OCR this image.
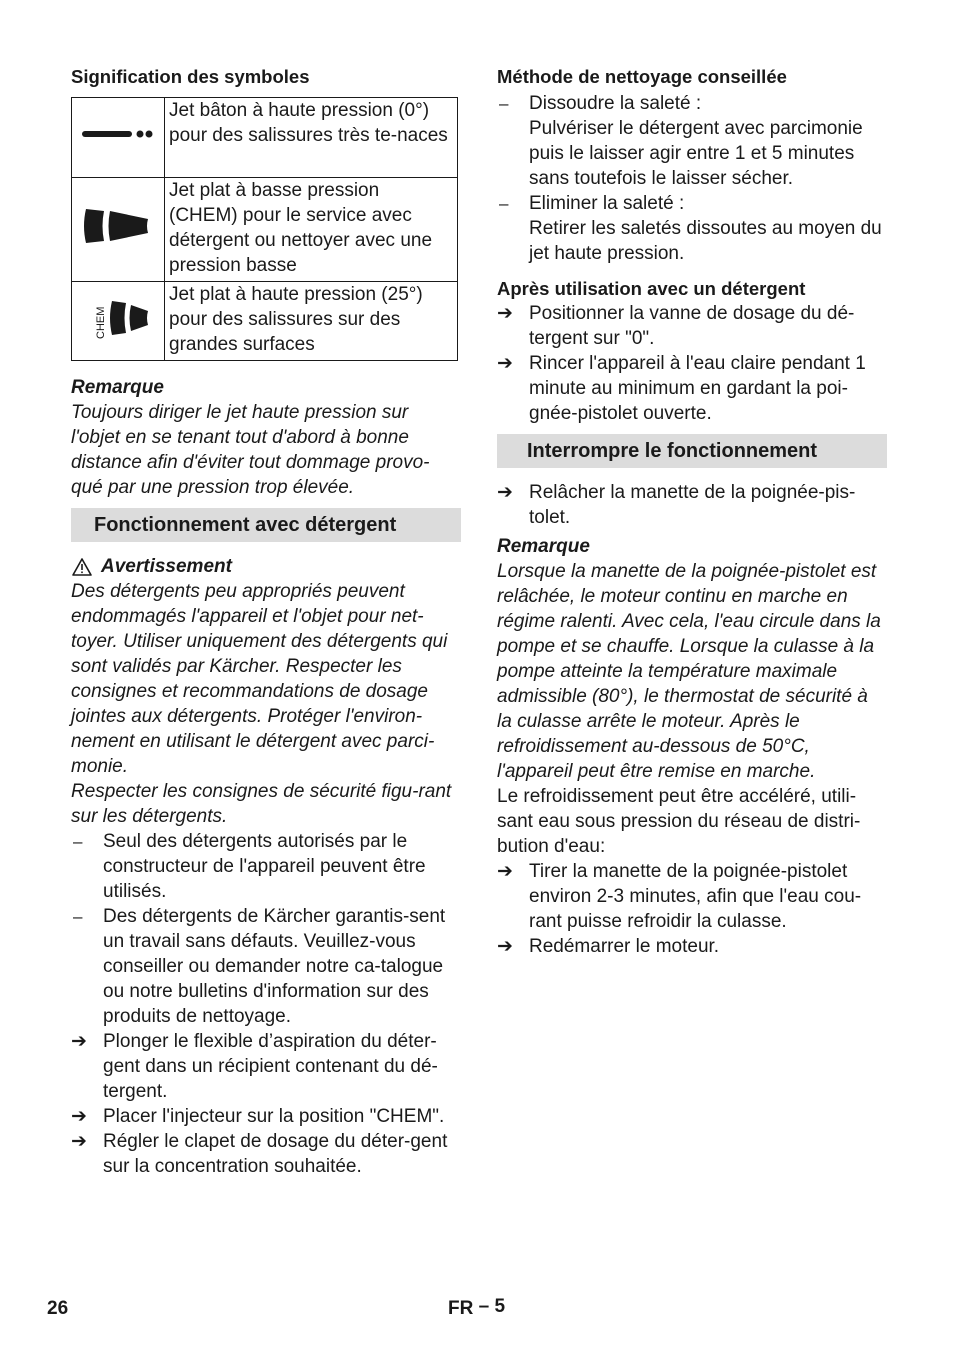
Signification des symboles
	Jet bâton à haute pression (0°) pour des salissures très te-naces
	Jet plat à basse pression (CHEM) pour le service avec détergent ou nettoyer avec une pression basse

CHEM	Jet plat à haute pression (25°) pour des salissures sur des grandes surfaces

Remarque

Toujours diriger le jet haute pression sur l'objet en se tenant tout d'abord à bonne distance afin d'éviter tout dommage provo-qué par une pression trop élevée.

Fonctionnement avec détergent
Avertissement

Des détergents peu appropriés peuvent endommagés l'appareil et l'objet pour net-toyer. Utiliser uniquement des détergents qui sont validés par Kärcher. Respecter les consignes et recommandations de dosage jointes aux détergents. Protéger l'environ-nement en utilisant le détergent avec parci-monie.

Respecter les consignes de sécurité figu-rant sur les détergents.

–	Seul des détergents autorisés par le constructeur de l'appareil peuvent être utilisés.
–	Des détergents de Kärcher garantis-sent un travail sans défauts. Veuillez-vous conseiller ou demander notre ca-talogue ou notre bulletins d'information sur des produits de nettoyage.
➔ Plonger le flexible d’aspiration du déter-gent dans un récipient contenant du dé-tergent.
➔ Placer l'injecteur sur la position "CHEM".
➔ Régler le clapet de dosage du déter-gent sur la concentration souhaitée.
Méthode de nettoyage conseillée
–	Dissoudre la saleté :
Pulvériser le détergent avec parcimonie puis le laisser agir entre 1 et 5 minutes sans toutefois le laisser sécher.
–	Eliminer la saleté :
Retirer les saletés dissoutes au moyen du jet haute pression.
Après utilisation avec un détergent
➔ Positionner la vanne de dosage du dé-tergent sur "0".
➔ Rincer l'appareil à l'eau claire pendant 1 minute au minimum en gardant la poi-gnée-pistolet ouverte.
Interrompre le fonctionnement
➔ Relâcher la manette de la poignée-pis-tolet.

Remarque

Lorsque la manette de la poignée-pistolet est relâchée, le moteur continu en marche en régime ralenti. Avec cela, l'eau circule dans la pompe et se chauffe. Lorsque la culasse à la pompe atteinte la température maximale admissible (80°), le thermostat de sécurité à la culasse arrête le moteur. Après le refroidissement au-dessous de 50°C, l'appareil peut être remise en marche.

Le refroidissement peut être accéléré, utili-sant eau sous pression du réseau de distri-bution d'eau:

➔ Tirer la manette de la poignée-pistolet environ 2-3 minutes, afin que l'eau cou-rant puisse refroidir la culasse.
➔ Redémarrer le moteur.
26	FR – 5
